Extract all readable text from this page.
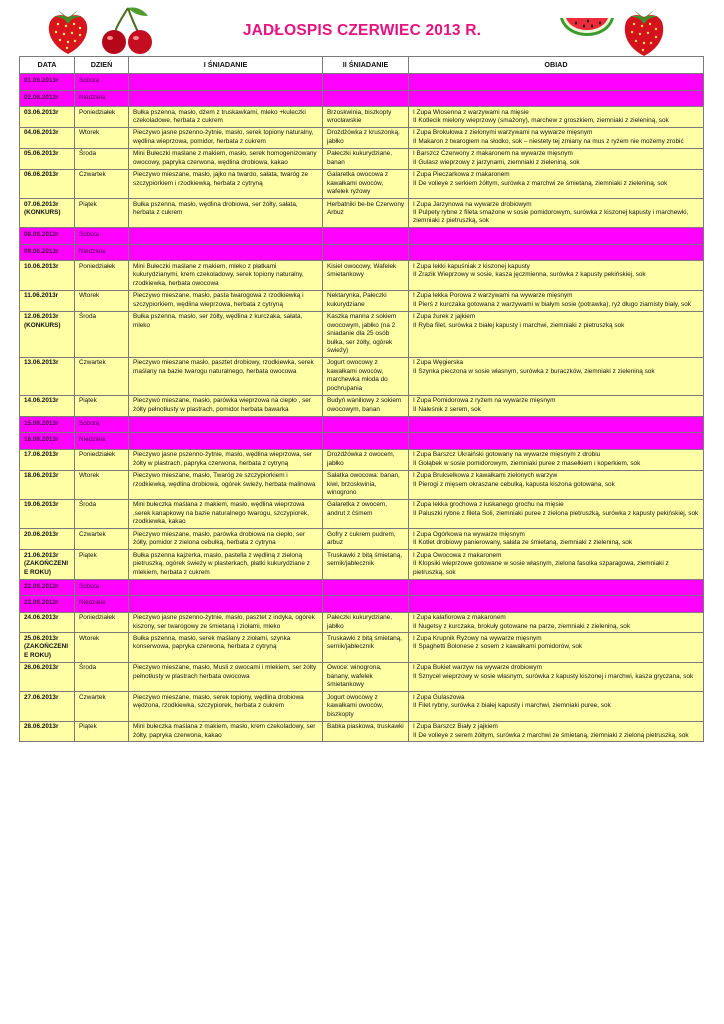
JADŁOSPIS CZERWIEC 2013 R.
DATA	DZIEŃ	I ŚNIADANIE	II ŚNIADANIE	OBIAD
01.06.2013r	Sobota			
02.06.2013r	Niedziela			
03.06.2013r	Poniedziałek	Bułka pszenna, masło, dżem z truskawkami, mleko +kuleczki czekoladowe, herbata z cukrem	Brzoskwinia, biszkopty wrocławskie	I Zupa Wiosenna z warzywami na mięsie
II Kotlecik mielony wieprzowy (smażony), marchew z groszkiem, ziemniaki z zieleniną, sok

04.06.2013r	Wtorek	Pieczywo jasne pszenno-żytnie, masło, serek topiony naturalny, wędlina wieprzowa, pomidor, herbata z cukrem	Drożdżówka z kruszonką, jabłko	I Zupa Brokułowa z zielonymi warzywami na wywarze mięsnym
II Makaron z twarogiem na słodko, sok – niestety tej zmiany na mus z ryżem nie możemy zrobić

05.06.2013r	Środa	Mini Bułeczki maślane z makiem, masło, serek homogenizowany owocowy, papryka czerwona, wędlina drobiowa, kakao	Pałeczki kukurydziane, banan	I Barszcz Czerwony z makaronem na wywarze mięsnym
II Gulasz wieprzowy z jarzynami, ziemniaki z zieleniną, sok

06.06.2013r	Czwartek	Pieczywo mieszane, masło, jajko na twardo, sałata, twaróg ze szczypiorkiem i rzodkiewką, herbata z cytryną	Galaretka owocowa z kawałkami owoców, wafelek ryżowy	I Zupa Pieczarkowa z makaronem
II De volleye z serkiem żółtym, surówka z marchwi ze śmietaną, ziemniaki z zieleniną, sok

07.06.2013r
(KONKURS)	Piątek	Bułka pszenna, masło, wędlina drobiowa, ser żółty, sałata, herbata z cukrem	Herbatniki be-be Czerwony Arbuz	I Zupa Jarzynowa na wywarze drobiowym
II Pulpety rybne z fileta smażone w sosie pomidorowym, surówka z kiszonej kapusty i marchewki, ziemniaki z pietruszką, sok

08.06.2013r	Sobota			
09.06.2013r	Niedziela			
10.06.2013r	Poniedziałek	Mini Bułeczki maślane z makiem, mleko z płatkami kukurydzianymi, krem czekoladowy, serek topiony naturalny, rzodkiewka, herbata owocowa	Kisiel owocowy, Wafelek śmietankowy	I Zupa lekki kapuśniak z kiszonej kapusty
II Zrazik Wieprzowy w sosie, kasza jęczmienna, surówka z kapusty pekińskiej, sok

11.06.2013r	Wtorek	Pieczywo mieszane, masło, pasta twarogowa z rzodkiewką i szczypiorkiem, wędlina wieprzowa, herbata z cytryną	Nektarynka, Pałeczki kukurydziane	I Zupa lekka Porowa z warzywami na wywarze mięsnym
II Pierś z kurczaka gotowana z warzywami w białym sosie (potrawka), ryż długo ziarnisty biały, sok

12.06.2013r
(KONKURS)	Środa	Bułka pszenna, masło, ser żółty, wędlina z kurczaka, sałata, mleko	Kaszka manna z sokiem owocowym, jabłko (na 2 śniadanie dla 25 osób bułka, ser żółty, ogórek świeży)	I Zupa żurek z jajkiem
II Ryba filet, surówka z białej kapusty i marchwi, ziemniaki z pietruszką sok

13.06.2013r	Czwartek	Pieczywo mieszane masło, pasztet drobiowy, rzodkiewka, serek maślany na bazie twarogu naturalnego, herbata owocowa	Jogurt owocowy z kawałkami owoców, marchewka młoda do pochrupania	I Zupa Węgierska
II Szynka pieczona w sosie własnym, surówka z buraczków, ziemniaki z zieleniną sok

14.06.2013r	Piątek	Pieczywo mieszane, masło, parówka wieprzowa na ciepło , ser żółty pełnotłusty w plastrach, pomidor herbata bawarka	Budyń waniliowy z sokiem owocowym, banan	I Zupa Pomidorowa z ryżem na wywarze mięsnym
II Naleśnik z serem, sok

15.06.2013r	Sobota			
16.06.2013r	Niedziela			
17.06.2013r	Poniedziałek	Pieczywo jasne pszenno-żytnie, masło, wędlina wieprzowa, ser żółty w plastrach, papryka czerwona, herbata z cytryną	Drożdżówka z owocem, jabłko	I Zupa Barszcz Ukraiński gotowany na wywarze mięsnym z drobiu
II Gołąbek w sosie pomidorowym, ziemniaki puree z masełkiem i koperkiem, sok

18.06.2013r	Wtorek	Pieczywo mieszane, masło, Twaróg ze szczypiorkiem i rzodkiewką, wędlina drobiowa, ogórek świeży, herbata malinowa	Sałatka owocowa: banan, kiwi, brzoskwinia, winogrono	I Zupa Brukselkowa z kawałkami zielonych warzyw
II Pierogi z mięsem okraszane cebulką, kapusta kiszona gotowana, sok

19.06.2013r	Środa	Mini bułeczka maślana z makiem, masło, wędlina wieprzowa ,serek kanapkowy na bazie naturalnego twarogu, szczypiorek, rzodkiewka, kakao	Galaretka z owocem, andrut z ĉśmem	I Zupa lekka grochowa z łuskanego grochu na mięsie
II Paluszki rybne z fileta Soli, ziemniaki puree z zielona pietruszką, surówka z kapusty pekińskiej, sok

20.06.2013r	Czwartek	Pieczywo mieszane, masło, parówka drobiowa na ciepło, ser żółty, pomidor z zielona cebulką, herbata z cytryna	Gofry z cukrem pudrem, arbuz	I Zupa Ogórkowa na wywarze mięsnym
II Kotlet drobiowy panierowany, sałata ze śmietaną, ziemniaki z zieleniną, sok

21.06.2013r
(ZAKOŃCZENIE ROKU)	Piątek	Bułka pszenna kajzerka, masło, pastella z wędliną z zieloną pietruszką, ogórek świeży w plasterkach, płatki kukurydziane z mlekiem, herbata z cukrem	Truskawki z bitą śmietaną, sernik/jabłecznik	I Zupa Owocowa z makaronem
II Klopsiki wieprzowe gotowane w sosie własnym, zielona fasolka szparagowa, ziemniaki z pietruszką, sok

22.06.2013r	Sobota			
23.06.2013r	Niedziela			
24.06.2013r	Poniedziałek	Pieczywo jasne pszenno-żytnie, masło, pasztet z indyka, ogórek kiszony, ser twarogowy ze śmietaną i ziołami, mleko	Pałeczki kukurydziane, jabłko	I Zupa kalafiorowa z makaronem
II Nugetsy z kurczaka, brokuły gotowane na parze, ziemniaki z zieleniną, sok

25.06.2013r
(ZAKOŃCZENIE ROKU)	Wtorek	Bułka pszenna, masło, serek maślany z ziołami, szynka konserwowa, papryka czerwona, herbata z cytryną	Truskawki z bitą śmietaną, sernik/jabłecznik	I Zupa Krupnik Ryżowy na wywarze mięsnym
II Spaghetti Bolonese z sosem z kawałkami pomidorów, sok

26.06.2013r	Środa	Pieczywo mieszane, masło, Musli z owocami i mlekiem, ser żółty pełnotłusty w plastrach herbata owocowa	Owoce: winogrona, banany, wafelek śmietankowy	I Zupa Bukiet warzyw na wywarze drobiowym
II Sznycel wieprzowy w sosie własnym, surówka z kapusty kiszonej i marchwi, kasza gryczana, sok

27.06.2013r	Czwartek	Pieczywo mieszane, masło, serek topiony, wędlina drobiowa wędzona, rzodkiewka, szczypiorek, herbata z cukrem	Jogurt owocowy z kawałkami owoców, biszkopty	I Zupa Gulaszowa
II Filet rybny, surówka z białej kapusty i marchwi, ziemniaki puree, sok

28.06.2013r	Piątek	Mini bułeczka maślana z makiem, masło, krem czekoladowy, ser żółty, papryka czerwona, kakao	Babka piaskowa, truskawki	I Zupa Barszcz Biały z jajkiem
II De volleye z serem żółtym, surówka z marchwi ze śmietaną, ziemniaki z zieloną pietruszką, sok
